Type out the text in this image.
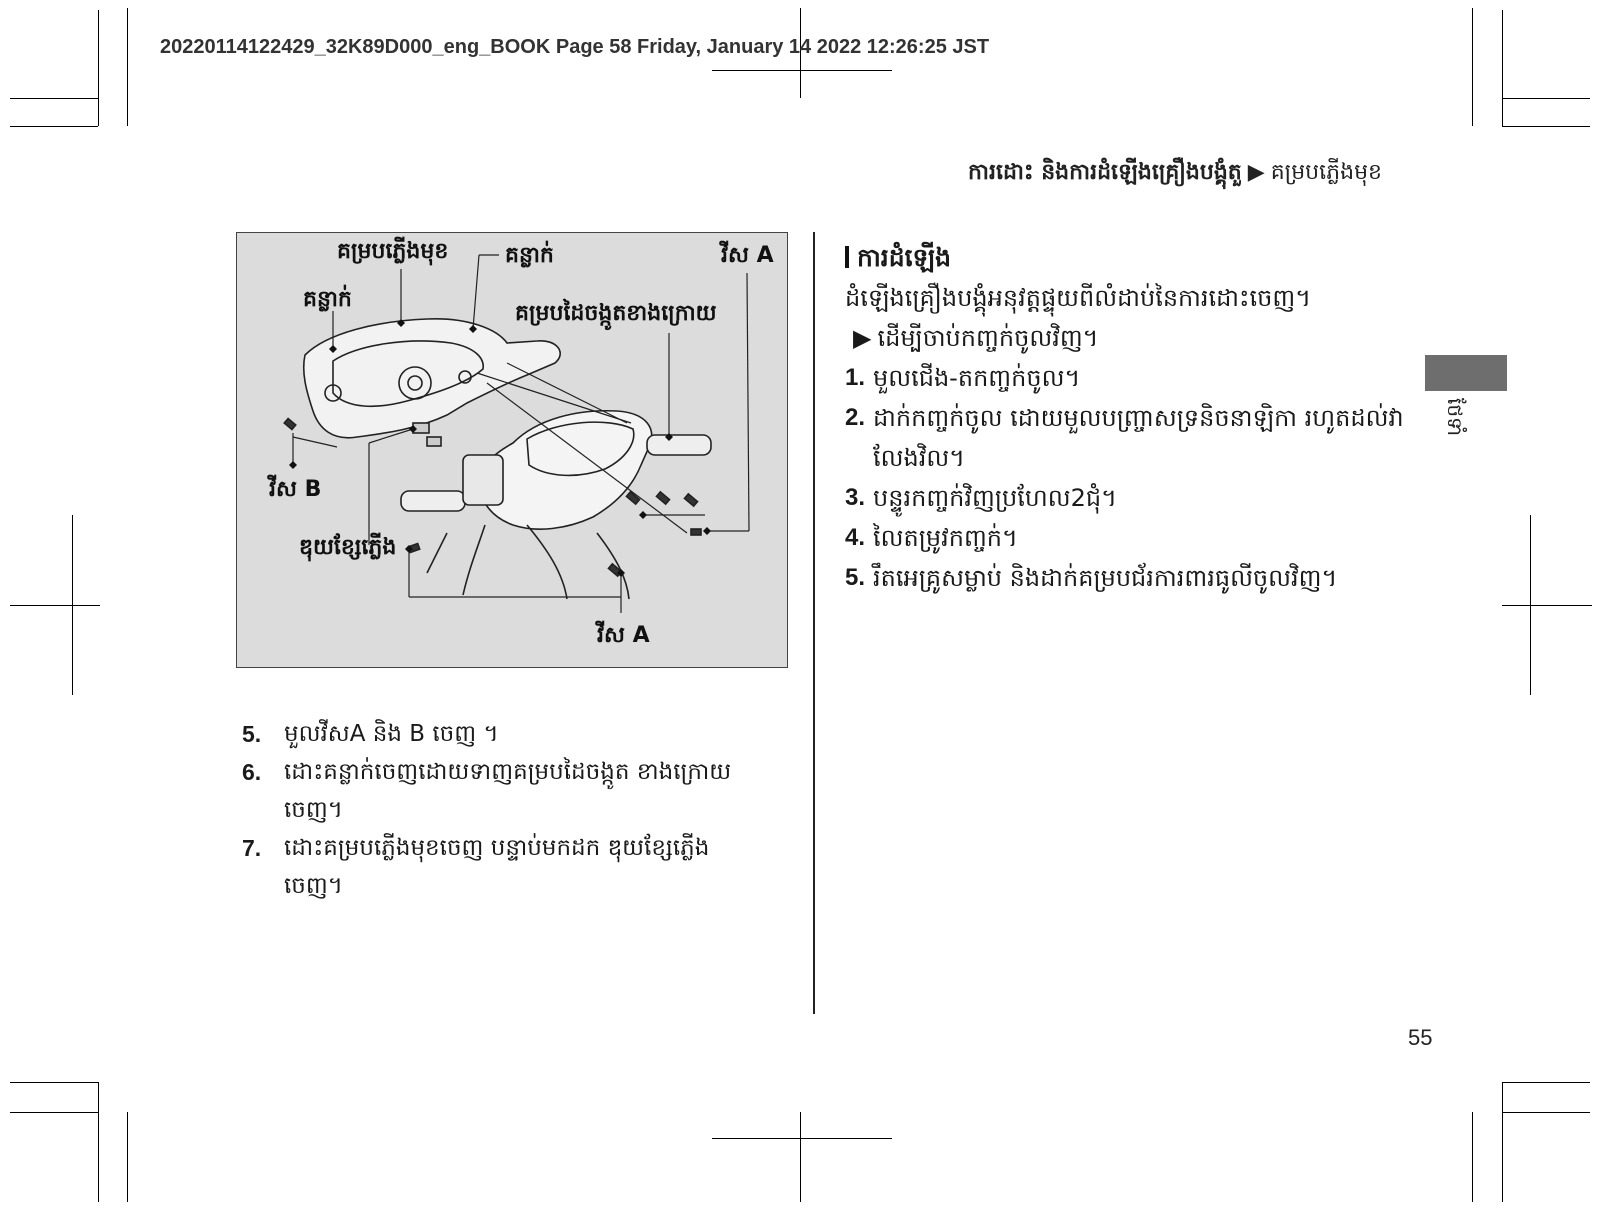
20220114122429_32K89D000_eng_BOOK Page 58 Friday, January 14 2022 12:26:25 JST
ការដោះ និងការដំឡើងគ្រឿងបង្គុំតួ ▶ គម្របភ្លើងមុខ
គម្របភ្លើងមុខ	គន្លាក់	វីស A
គន្លាក់
គម្របដៃចង្កូតខាងក្រោយ
វីស B
ឌុយខ្សែភ្លើង
វីស A

5. មួលវីសA និង B ចេញ ។

6. ដោះគន្លាក់ចេញដោយទាញគម្របដៃចង្កូត ខាងក្រោយចេញ។

7. ដោះគម្របភ្លើងមុខចេញ បន្ទាប់មកដក ឌុយខ្សែភ្លើងចេញ។

ការដំឡើង
ដំឡើងគ្រឿងបង្គុំអនុវត្តផ្ទុយពីលំដាប់នៃការដោះចេញ។
▶ ដើម្បីចាប់កញ្ចក់ចូលវិញ។
1. មួលជើង-តកញ្ចក់ចូល។
2. ដាក់កញ្ចក់ចូល ដោយមួលបញ្ច្រាសទ្រនិចនាឡិកា រហូតដល់វាលែងវិល។
3. បន្ទូរកញ្ចក់វិញប្រហែល2ជុំ។
4. លៃតម្រូវកញ្ចក់។
5. រឹតអេគ្រូសម្លាប់ និងដាក់គម្របជ័រការពារធូលីចូលវិញ។
ថែទាំ
55
